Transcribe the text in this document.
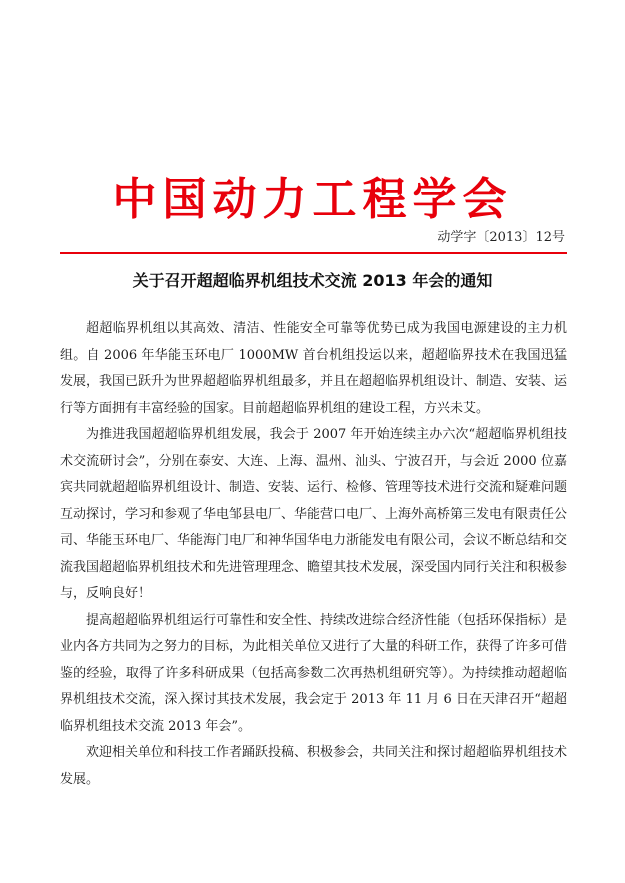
中国动力工程学会
动学字〔2013〕12号
关于召开超超临界机组技术交流 2013 年会的通知

超超临界机组以其高效、清洁、性能安全可靠等优势已成为我国电源建设的主力机组。自 2006 年华能玉环电厂 1000MW 首台机组投运以来，超超临界技术在我国迅猛发展，我国已跃升为世界超超临界机组最多，并且在超超临界机组设计、制造、安装、运行等方面拥有丰富经验的国家。目前超超临界机组的建设工程，方兴未艾。

为推进我国超超临界机组发展，我会于 2007 年开始连续主办六次“超超临界机组技术交流研讨会”，分别在泰安、大连、上海、温州、汕头、宁波召开，与会近 2000 位嘉宾共同就超超临界机组设计、制造、安装、运行、检修、管理等技术进行交流和疑难问题互动探讨，学习和参观了华电邹县电厂、华能营口电厂、上海外高桥第三发电有限责任公司、华能玉环电厂、华能海门电厂和神华国华电力浙能发电有限公司，会议不断总结和交流我国超超临界机组技术和先进管理理念、瞻望其技术发展，深受国内同行关注和积极参与，反响良好！

提高超超临界机组运行可靠性和安全性、持续改进综合经济性能（包括环保指标）是业内各方共同为之努力的目标，为此相关单位又进行了大量的科研工作，获得了许多可借鉴的经验，取得了许多科研成果（包括高参数二次再热机组研究等）。为持续推动超超临界机组技术交流，深入探讨其技术发展，我会定于 2013 年 11 月 6 日在天津召开“超超临界机组技术交流 2013 年会”。

欢迎相关单位和科技工作者踊跃投稿、积极参会，共同关注和探讨超超临界机组技术发展。
